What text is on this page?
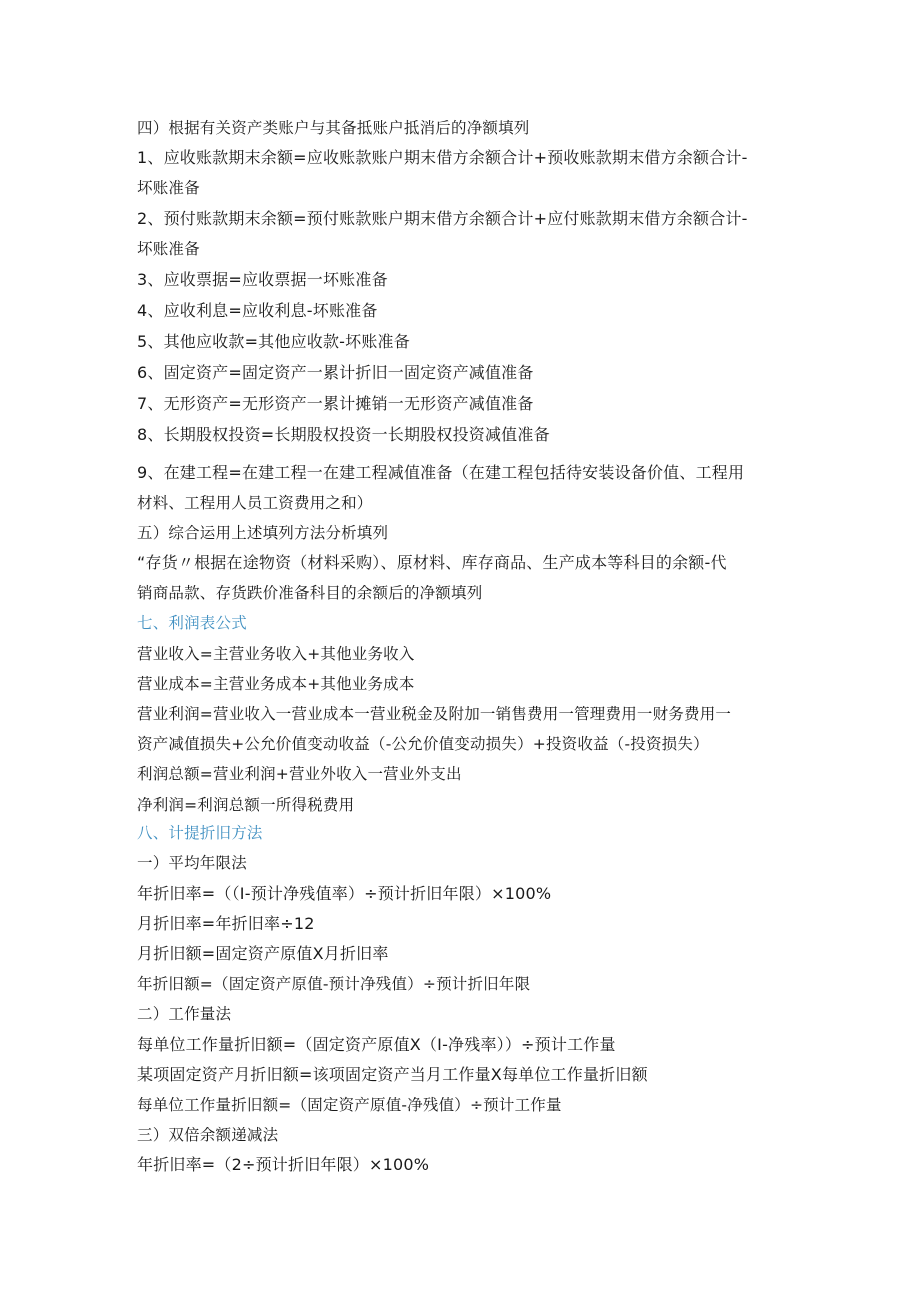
四）根据有关资产类账户与其备抵账户抵消后的净额填列
1、应收账款期末余额=应收账款账户期末借方余额合计+预收账款期末借方余额合计-
坏账准备
2、预付账款期末余额=预付账款账户期末借方余额合计+应付账款期末借方余额合计-
坏账准备
3、应收票据=应收票据一坏账准备
4、应收利息=应收利息-坏账准备
5、其他应收款=其他应收款-坏账准备
6、固定资产=固定资产一累计折旧一固定资产减值准备
7、无形资产=无形资产一累计摊销一无形资产减值准备
8、长期股权投资=长期股权投资一长期股权投资减值准备
9、在建工程=在建工程一在建工程减值准备（在建工程包括待安装设备价值、工程用
材料、工程用人员工资费用之和）
五）综合运用上述填列方法分析填列
“存货〃根据在途物资（材料采购）、原材料、库存商品、生产成本等科目的余额-代
销商品款、存货跌价准备科目的余额后的净额填列
七、利润表公式
营业收入=主营业务收入+其他业务收入
营业成本=主营业务成本+其他业务成本
营业利润=营业收入一营业成本一营业税金及附加一销售费用一管理费用一财务费用一
资产减值损失+公允价值变动收益（-公允价值变动损失）+投资收益（-投资损失）
利润总额=营业利润+营业外收入一营业外支出
净利润=利润总额一所得税费用
八、计提折旧方法
一）平均年限法
年折旧率=（（I-预计净残值率）÷预计折旧年限）×100%
月折旧率=年折旧率÷12
月折旧额=固定资产原值X月折旧率
年折旧额=（固定资产原值-预计净残值）÷预计折旧年限
二）工作量法
每单位工作量折旧额=（固定资产原值X（I-净残率））÷预计工作量
某项固定资产月折旧额=该项固定资产当月工作量X每单位工作量折旧额
每单位工作量折旧额=（固定资产原值-净残值）÷预计工作量
三）双倍余额递减法
年折旧率=（2÷预计折旧年限）×100%
